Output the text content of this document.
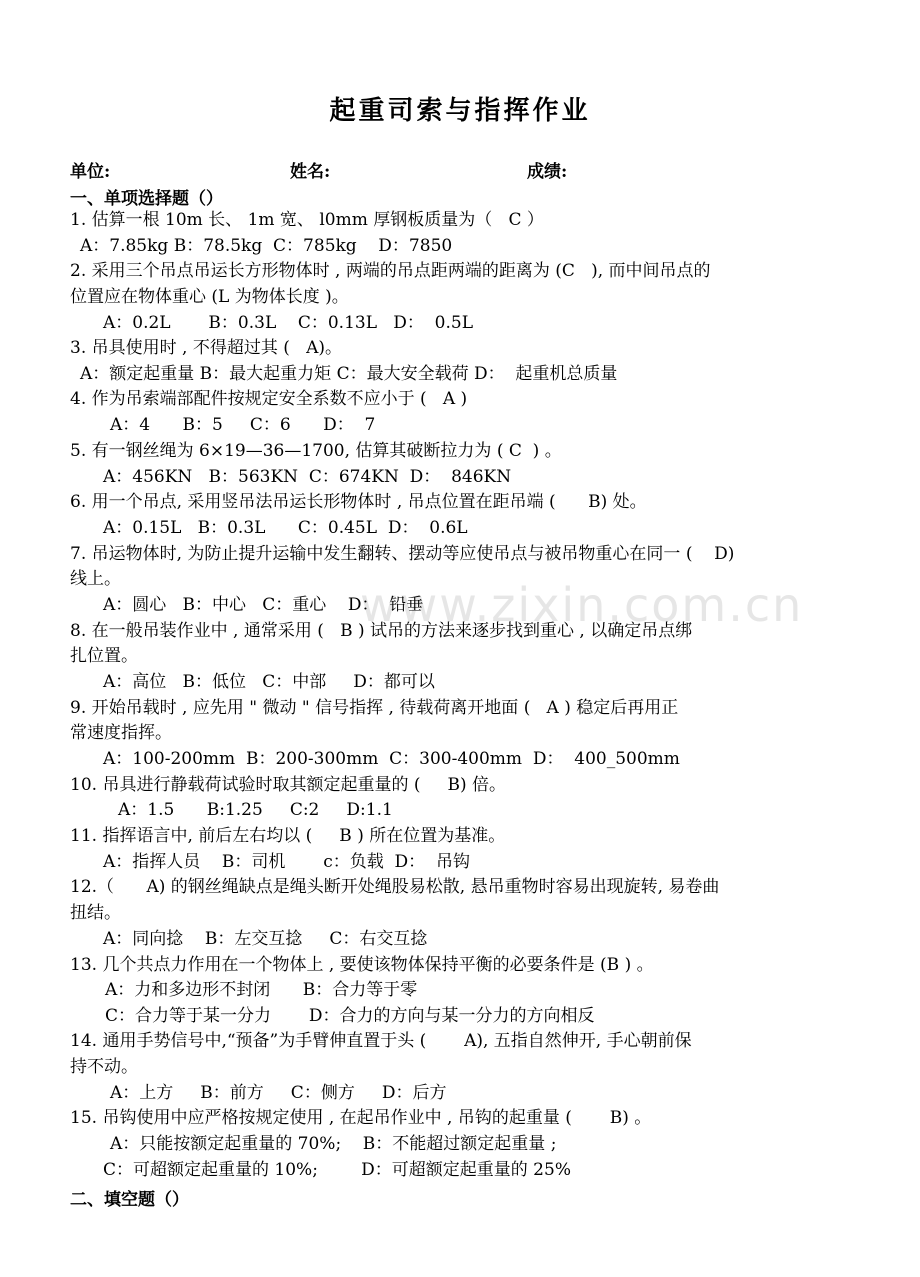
www.zixin.com.cn
起重司索与指挥作业
单位:	姓名:	成绩:
一、单项选择题（）
1. 估算一根 10m 长、 1m 宽、 l0mm 厚钢板质量为（   C ）
A：7.85kg B：78.5kg  C：785kg    D：7850
2. 采用三个吊点吊运长方形物体时 , 两端的吊点距两端的距离为 (C   ), 而中间吊点的
位置应在物体重心 (L 为物体长度 )。
A：0.2L       B：0.3L    C：0.13L   D：  0.5L
3. 吊具使用时 , 不得超过其 (   A)。
A：额定起重量 B：最大起重力矩 C：最大安全载荷 D：  起重机总质量
4. 作为吊索端部配件按规定安全系数不应小于 (   A )
A：4      B：5     C：6      D：  7
5. 有一钢丝绳为 6×19—36—1700, 估算其破断拉力为 ( C  ) 。
A：456KN   B：563KN  C：674KN  D：  846KN
6. 用一个吊点, 采用竖吊法吊运长形物体时 , 吊点位置在距吊端 (      B) 处。
A：0.15L   B：0.3L      C：0.45L  D：  0.6L
7. 吊运物体时, 为防止提升运输中发生翻转、摆动等应使吊点与被吊物重心在同一 (    D)
线上。
A：圆心   B：中心   C：重心    D：  铅垂
8. 在一般吊装作业中 , 通常采用 (   B ) 试吊的方法来逐步找到重心 , 以确定吊点绑
扎位置。
A：高位   B：低位   C：中部     D：都可以
9. 开始吊载时 , 应先用 " 微动 " 信号指挥 , 待载荷离开地面 (   A ) 稳定后再用正
常速度指挥。
A：100-200mm  B：200-300mm  C：300-400mm  D：  400_500mm
10. 吊具进行静载荷试验时取其额定起重量的 (     B) 倍。
A：1.5      B:1.25     C:2     D:1.1
11. 指挥语言中, 前后左右均以 (     B ) 所在位置为基准。
A：指挥人员    B：司机       c：负载  D：  吊钩
12.（      A) 的钢丝绳缺点是绳头断开处绳股易松散, 悬吊重物时容易出现旋转, 易卷曲
扭结。
A：同向捻    B：左交互捻     C：右交互捻
13. 几个共点力作用在一个物体上 , 要使该物体保持平衡的必要条件是 (B ) 。
A：力和多边形不封闭      B：合力等于零
C：合力等于某一分力       D：合力的方向与某一分力的方向相反
14. 通用手势信号中,“预备”为手臂伸直置于头 (       A), 五指自然伸开, 手心朝前保
持不动。
A：上方     B：前方     C：侧方     D：后方
15. 吊钩使用中应严格按规定使用 , 在起吊作业中 , 吊钩的起重量 (       B) 。
A：只能按额定起重量的 70%;    B：不能超过额定起重量 ;
C：可超额定起重量的 10%;        D：可超额定起重量的 25%
二、填空题（）
